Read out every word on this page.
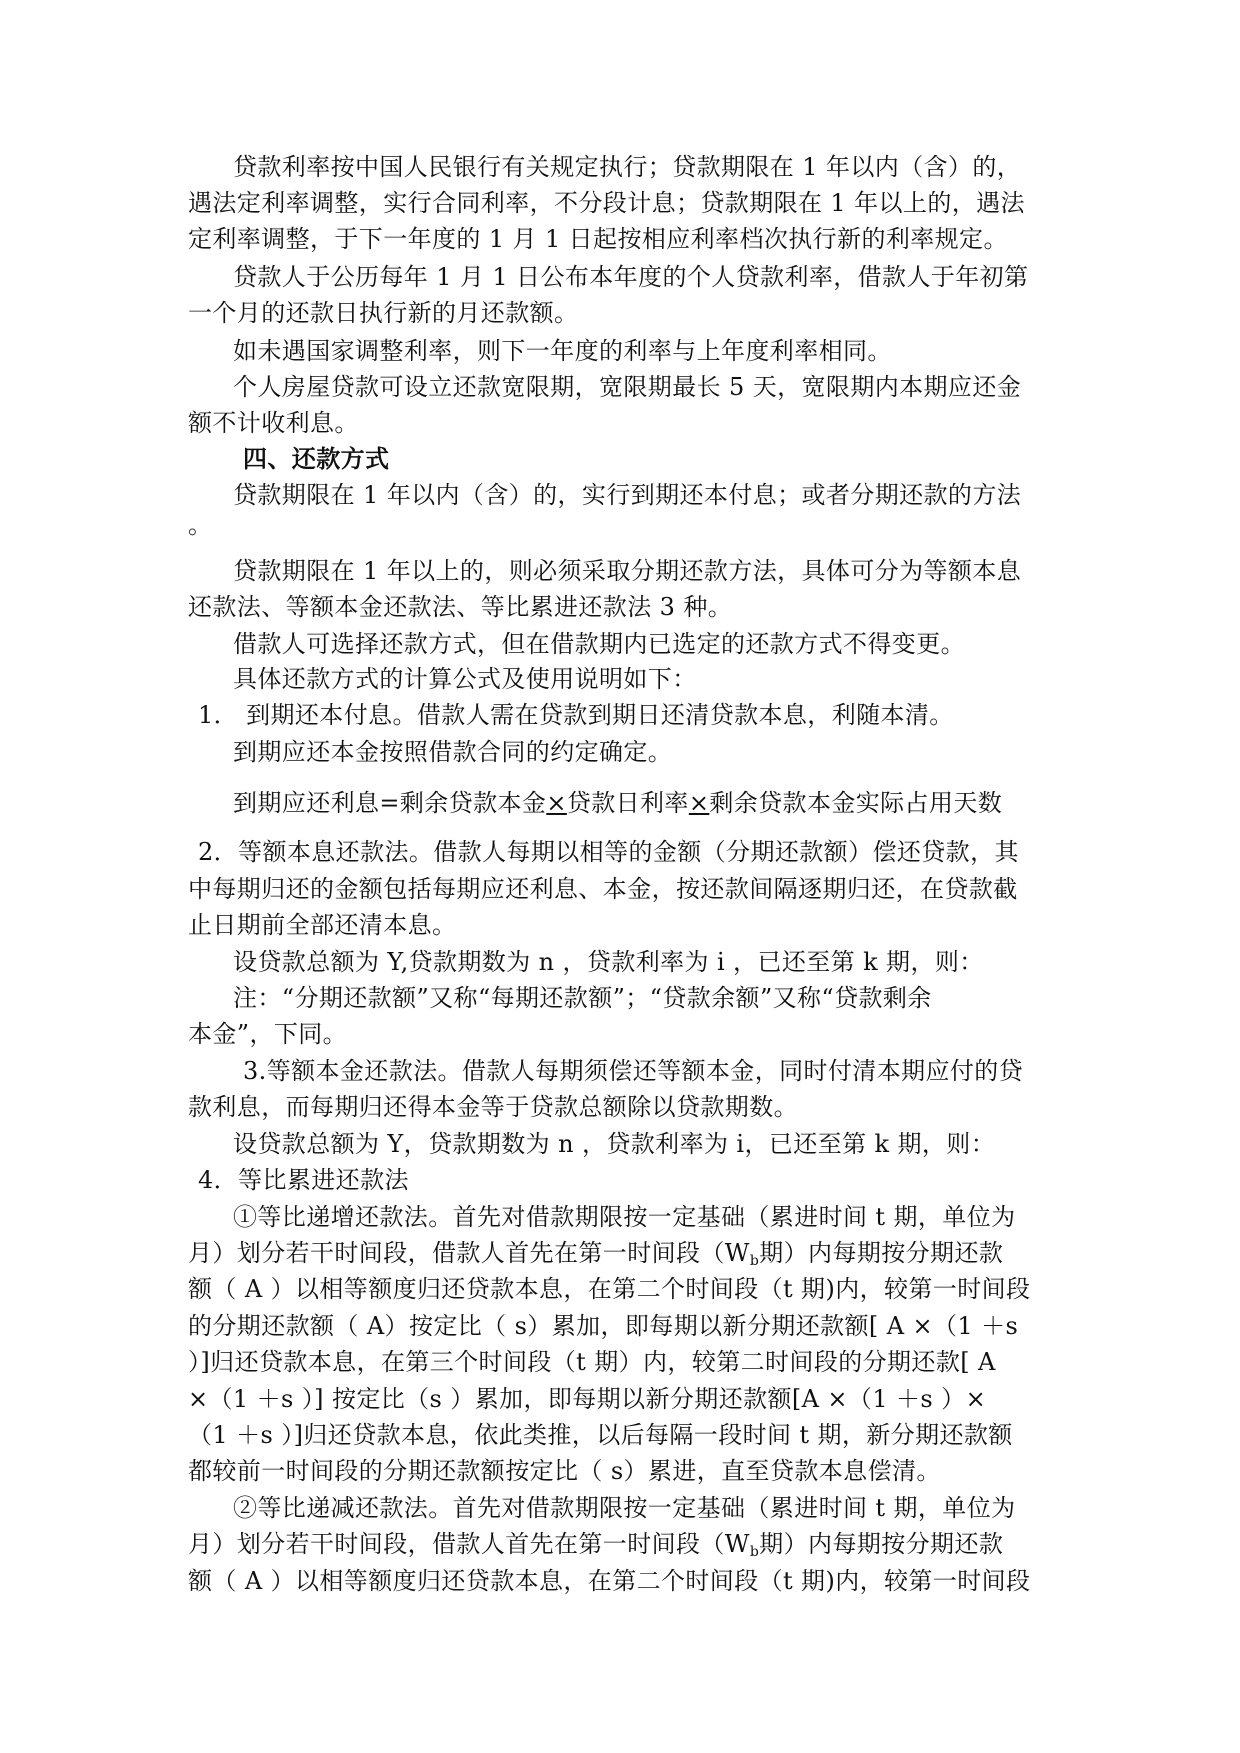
贷款利率按中国人民银行有关规定执行；贷款期限在 1 年以内（含）的，

遇法定利率调整，实行合同利率，不分段计息；贷款期限在 1 年以上的，遇法

定利率调整，于下一年度的 1 月 1 日起按相应利率档次执行新的利率规定。

贷款人于公历每年 1 月 1 日公布本年度的个人贷款利率，借款人于年初第

一个月的还款日执行新的月还款额。

如未遇国家调整利率，则下一年度的利率与上年度利率相同。

个人房屋贷款可设立还款宽限期，宽限期最长 5 天，宽限期内本期应还金

额不计收利息。

四、还款方式

贷款期限在 1 年以内（含）的，实行到期还本付息；或者分期还款的方法

。

贷款期限在 1 年以上的，则必须采取分期还款方法，具体可分为等额本息

还款法、等额本金还款法、等比累进还款法 3 种。

借款人可选择还款方式，但在借款期内已选定的还款方式不得变更。

具体还款方式的计算公式及使用说明如下：

1． 到期还本付息。借款人需在贷款到期日还清贷款本息，利随本清。

到期应还本金按照借款合同的约定确定。

到期应还利息=剩余贷款本金×贷款日利率×剩余贷款本金实际占用天数

2．等额本息还款法。借款人每期以相等的金额（分期还款额）偿还贷款，其

中每期归还的金额包括每期应还利息、本金，按还款间隔逐期归还，在贷款截

止日期前全部还清本息。

设贷款总额为 Y,贷款期数为 n ，贷款利率为 i ，已还至第 k 期，则：

注：“分期还款额”又称“每期还款额”；“贷款余额”又称“贷款剩余

本金”，下同。

3.等额本金还款法。借款人每期须偿还等额本金，同时付清本期应付的贷

款利息，而每期归还得本金等于贷款总额除以贷款期数。

设贷款总额为 Y，贷款期数为 n ，贷款利率为 i，已还至第 k 期，则：

4．等比累进还款法

①等比递增还款法。首先对借款期限按一定基础（累进时间 t 期，单位为

月）划分若干时间段，借款人首先在第一时间段（$W_b$期）内每期按分期还款

额（ A ）以相等额度归还贷款本息，在第二个时间段（t 期)内，较第一时间段

的分期还款额（ A）按定比（ s）累加，即每期以新分期还款额[ A ×（1 ＋s

）]归还贷款本息，在第三个时间段（t 期）内，较第二时间段的分期还款[ A

×（1 ＋s ）] 按定比（s ）累加，即每期以新分期还款额[A ×（1 ＋s ）×

（1 ＋s ）]归还贷款本息，依此类推，以后每隔一段时间 t 期，新分期还款额

都较前一时间段的分期还款额按定比（ s）累进，直至贷款本息偿清。

②等比递减还款法。首先对借款期限按一定基础（累进时间 t 期，单位为

月）划分若干时间段，借款人首先在第一时间段（$W_b$期）内每期按分期还款

额（ A ）以相等额度归还贷款本息，在第二个时间段（t 期)内，较第一时间段
